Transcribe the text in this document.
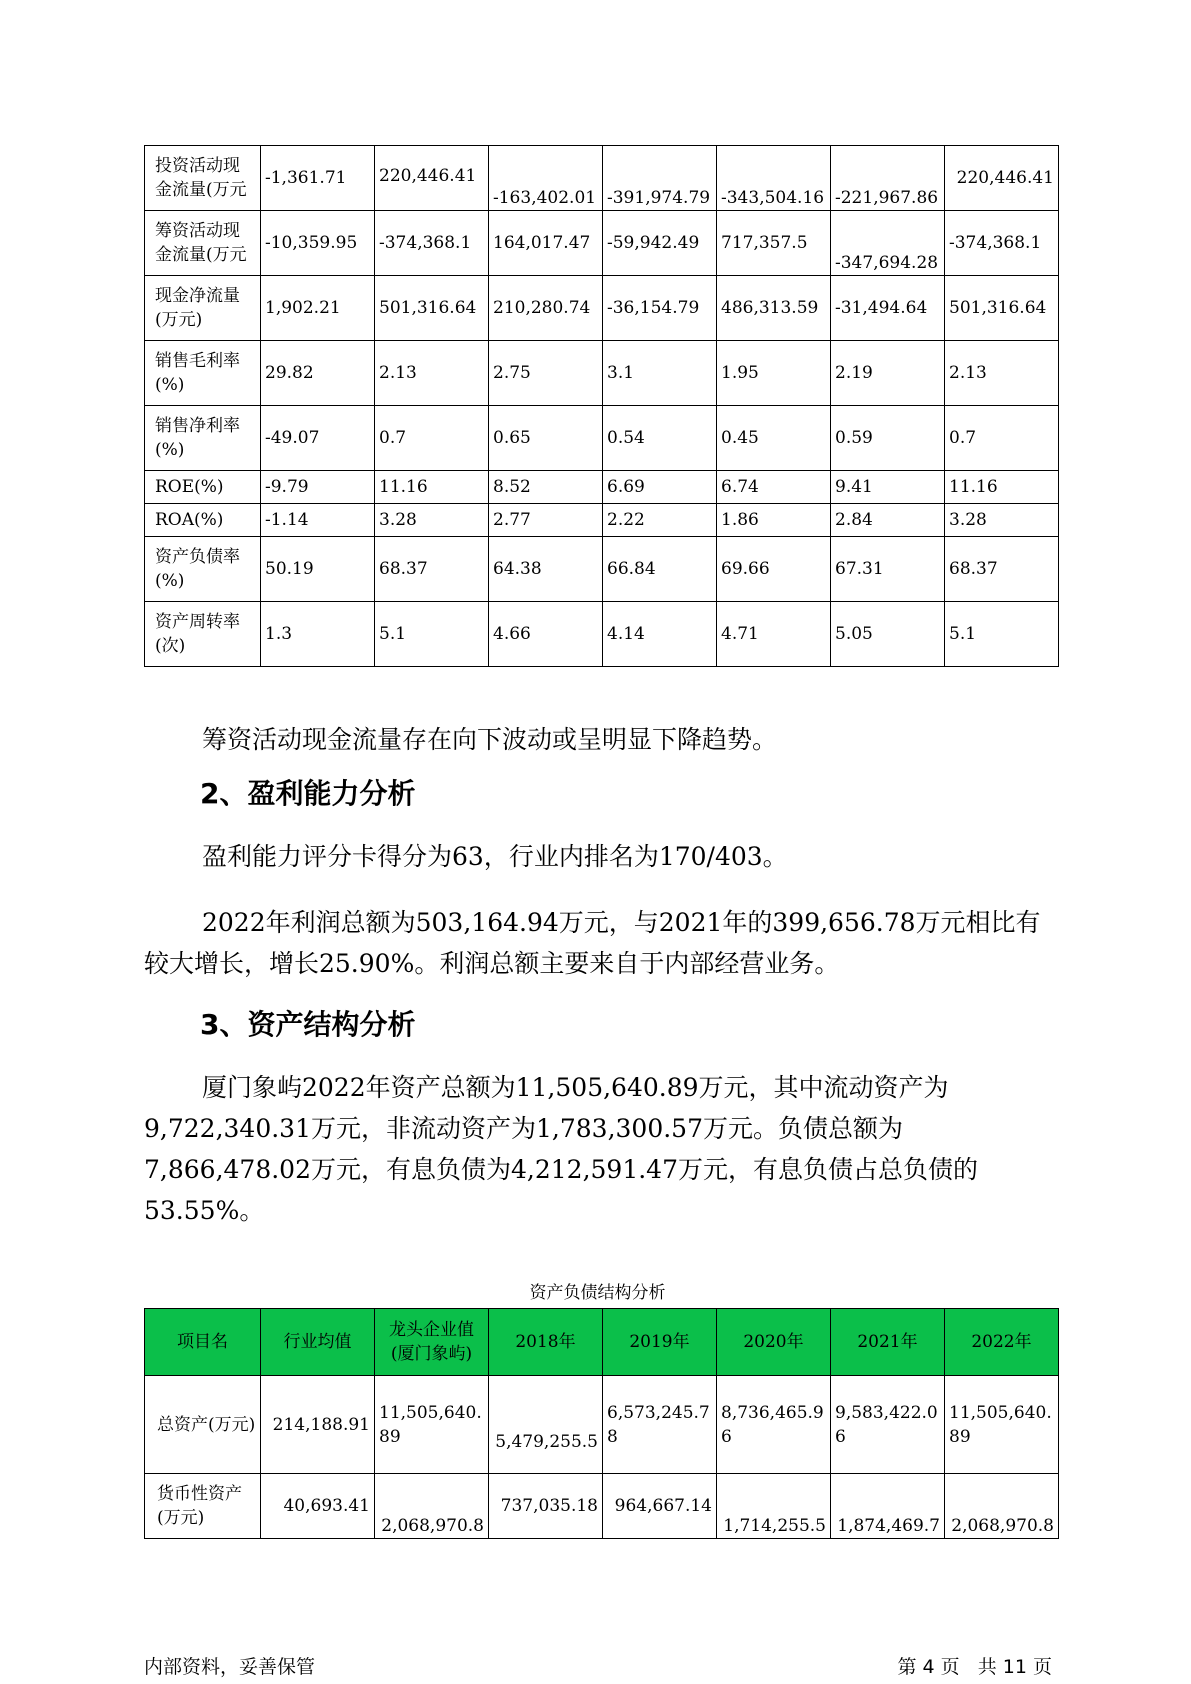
投资活动现金流量(万元	-1,361.71	220,446.41	-163,402.01	-391,974.79	-343,504.16	-221,967.86	220,446.41
筹资活动现金流量(万元	-10,359.95	-374,368.1	164,017.47	-59,942.49	717,357.5	-347,694.28	-374,368.1
现金净流量(万元)	1,902.21	501,316.64	210,280.74	-36,154.79	486,313.59	-31,494.64	501,316.64
销售毛利率(%)	29.82	2.13	2.75	3.1	1.95	2.19	2.13
销售净利率(%)	-49.07	0.7	0.65	0.54	0.45	0.59	0.7
ROE(%)	-9.79	11.16	8.52	6.69	6.74	9.41	11.16
ROA(%)	-1.14	3.28	2.77	2.22	1.86	2.84	3.28
资产负债率(%)	50.19	68.37	64.38	66.84	69.66	67.31	68.37
资产周转率(次)	1.3	5.1	4.66	4.14	4.71	5.05	5.1

筹资活动现金流量存在向下波动或呈明显下降趋势。

2、盈利能力分析

盈利能力评分卡得分为63，行业内排名为170/403。

2022年利润总额为503,164.94万元，与2021年的399,656.78万元相比有较大增长，增长25.90%。利润总额主要来自于内部经营业务。

3、资产结构分析

厦门象屿2022年资产总额为11,505,640.89万元，其中流动资产为9,722,340.31万元，非流动资产为1,783,300.57万元。负债总额为7,866,478.02万元，有息负债为4,212,591.47万元，有息负债占总负债的53.55%。

资产负债结构分析
项目名	行业均值	龙头企业值(厦门象屿)	2018年	2019年	2020年	2021年	2022年
总资产(万元)	214,188.91	11,505,640.89	5,479,255.5	6,573,245.78	8,736,465.96	9,583,422.06	11,505,640.89
货币性资产(万元)	40,693.41	2,068,970.8	737,035.18	964,667.14	1,714,255.5	1,874,469.7	2,068,970.8
内部资料，妥善保管	第 4 页   共 11 页
